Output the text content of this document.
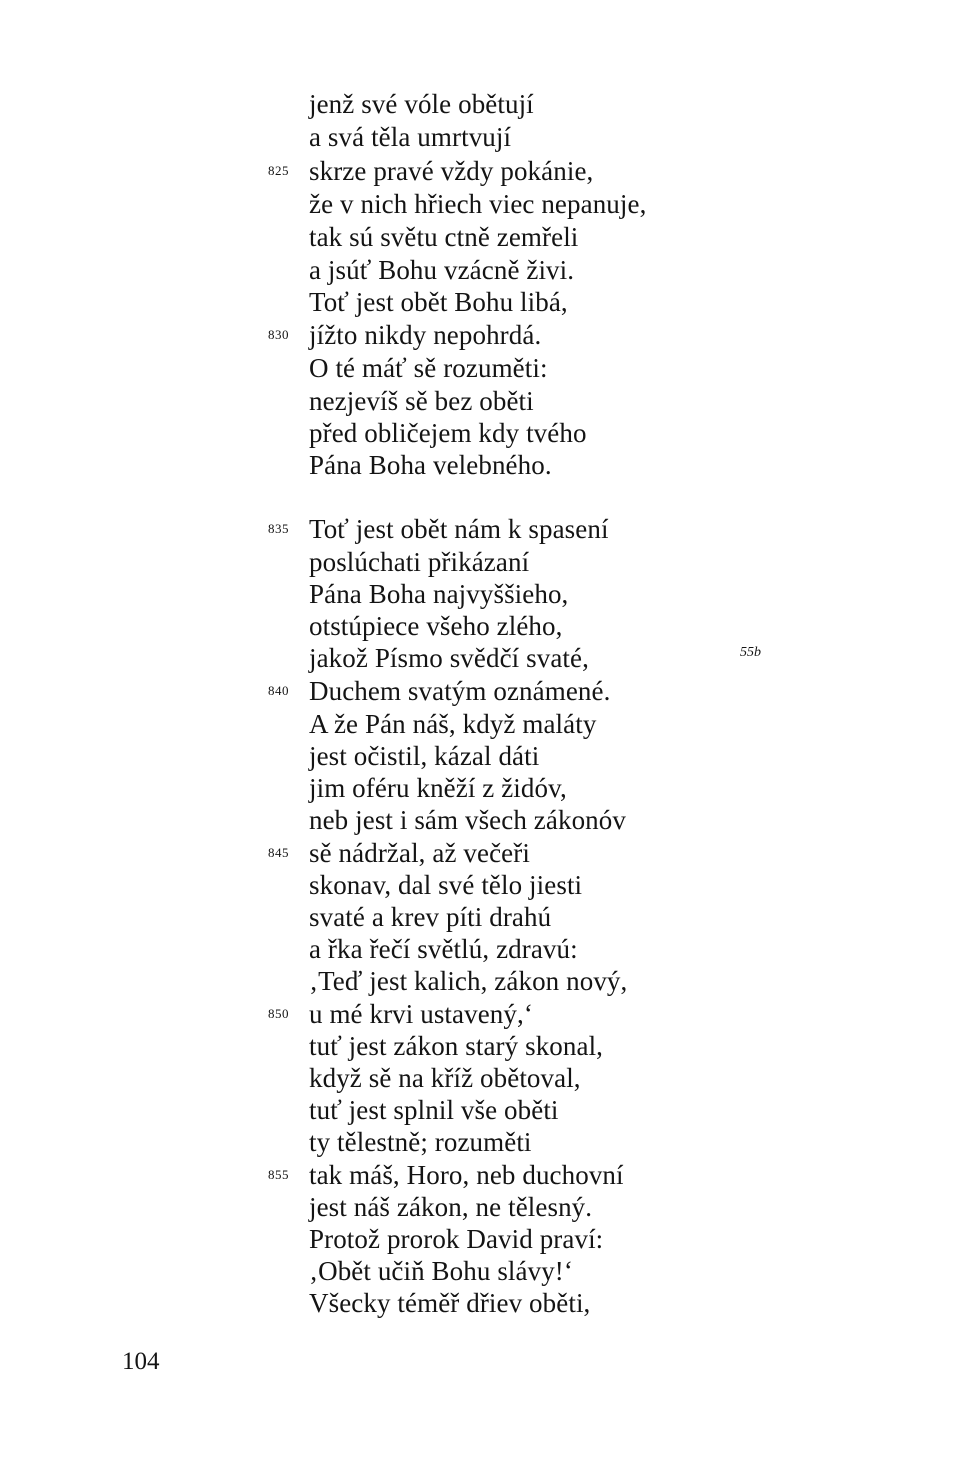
jenž své vóle obětují
a svá těla umrtvují
825 skrze pravé vždy pokánie,
že v nich hřiech viec nepanuje,
tak sú světu ctně zemřeli
a jsúť Bohu vzácně živi.
Toť jest obět Bohu libá,
830 jížto nikdy nepohrdá.
O té máť sě rozuměti:
nezjevíš sě bez oběti
před obličejem kdy tvého
Pána Boha velebného.
835 Toť jest obět nám k spasení
poslúchati přikázaní
Pána Boha najvyššieho,
otstúpiece všeho zlého,
jakož Písmo svědčí svaté,	55b
840 Duchem svatým oznámené.
A že Pán náš, když maláty
jest očistil, kázal dáti
jim oféru kněží z židóv,
neb jest i sám všech zákonóv
845 sě nádržal, až večeři
skonav, dal své tělo jiesti
svaté a krev píti drahú
a řka řečí světlú, zdravú:
‚Teď jest kalich, zákon nový,
850 u mé krvi ustavený,‘
tuť jest zákon starý skonal,
když sě na kříž obětoval,
tuť jest splnil vše oběti
ty tělestně; rozuměti
855 tak máš, Horo, neb duchovní
jest náš zákon, ne tělesný.
Protož prorok David praví:
‚Obět učiň Bohu slávy!‘
Všecky téměř dřiev oběti,
104
